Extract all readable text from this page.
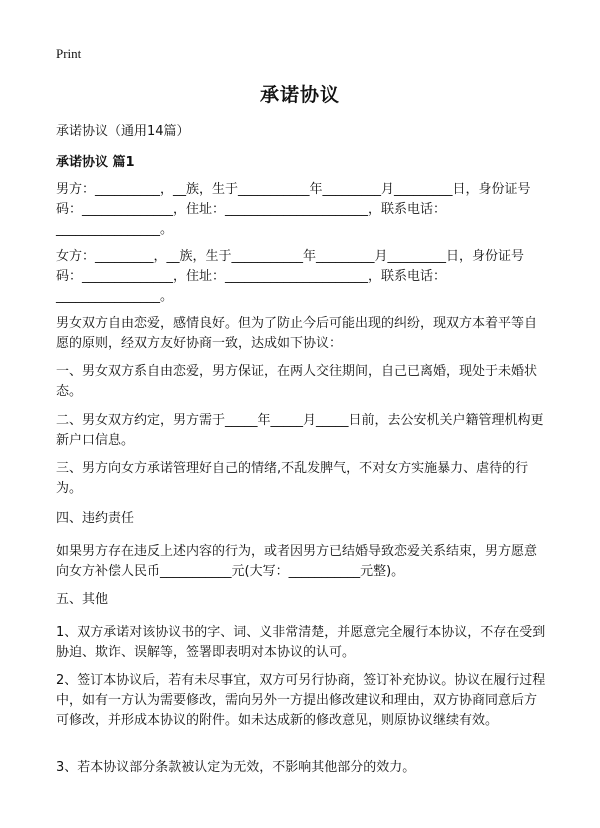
Print
承诺协议
承诺协议（通用14篇）
承诺协议 篇1

男方：__________，__族，生于___________年_________月_________日，身份证号码：______________，住址：______________________，联系电话：________________。

女方：_________，__族，生于___________年_________月_________日，身份证号码：______________，住址：______________________，联系电话：________________。

男女双方自由恋爱，感情良好。但为了防止今后可能出现的纠纷，现双方本着平等自愿的原则，经双方友好协商一致，达成如下协议：

一、男女双方系自由恋爱，男方保证，在两人交往期间，自己已离婚，现处于未婚状态。

二、男女双方约定，男方需于_____年_____月_____日前，去公安机关户籍管理机构更新户口信息。

三、男方向女方承诺管理好自己的情绪,不乱发脾气，不对女方实施暴力、虐待的行为。

四、违约责任

如果男方存在违反上述内容的行为，或者因男方已结婚导致恋爱关系结束，男方愿意向女方补偿人民币___________元(大写：___________元整)。

五、其他

1、双方承诺对该协议书的字、词、义非常清楚，并愿意完全履行本协议，不存在受到胁迫、欺诈、误解等，签署即表明对本协议的认可。

2、签订本协议后，若有未尽事宜，双方可另行协商，签订补充协议。协议在履行过程中，如有一方认为需要修改，需向另外一方提出修改建议和理由，双方协商同意后方可修改，并形成本协议的附件。如未达成新的修改意见，则原协议继续有效。

3、若本协议部分条款被认定为无效，不影响其他部分的效力。
